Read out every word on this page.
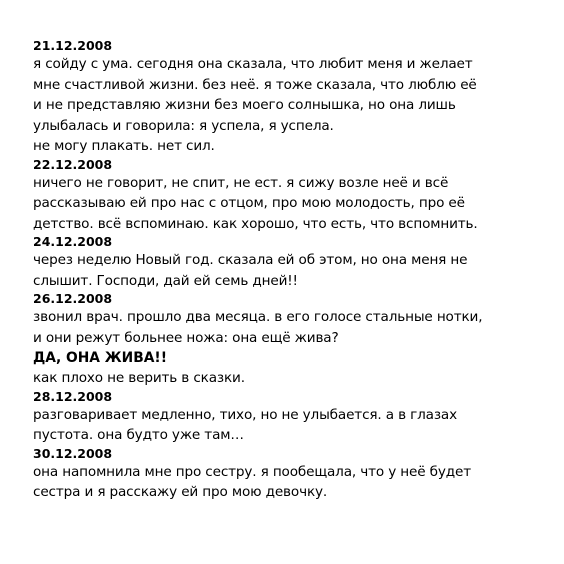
21.12.2008
я сойду с ума. сегодня она сказала, что любит меня и желает
мне счастливой жизни. без неё. я тоже сказала, что люблю её
и не представляю жизни без моего солнышка, но она лишь
улыбалась и говорила: я успела, я успела.
не могу плакать. нет сил.
22.12.2008
ничего не говорит, не спит, не ест. я сижу возле неё и всё
рассказываю ей про нас с отцом, про мою молодость, про её
детство. всё вспоминаю. как хорошо, что есть, что вспомнить.
24.12.2008
через неделю Новый год. сказала ей об этом, но она меня не
слышит. Господи, дай ей семь дней!!
26.12.2008
звонил врач. прошло два месяца. в его голосе стальные нотки,
и они режут больнее ножа: она ещё жива?
ДА, ОНА ЖИВА!!
как плохо не верить в сказки.
28.12.2008
разговаривает медленно, тихо, но не улыбается. а в глазах
пустота. она будто уже там…
30.12.2008
она напомнила мне про сестру. я пообещала, что у неё будет
сестра и я расскажу ей про мою девочку.
